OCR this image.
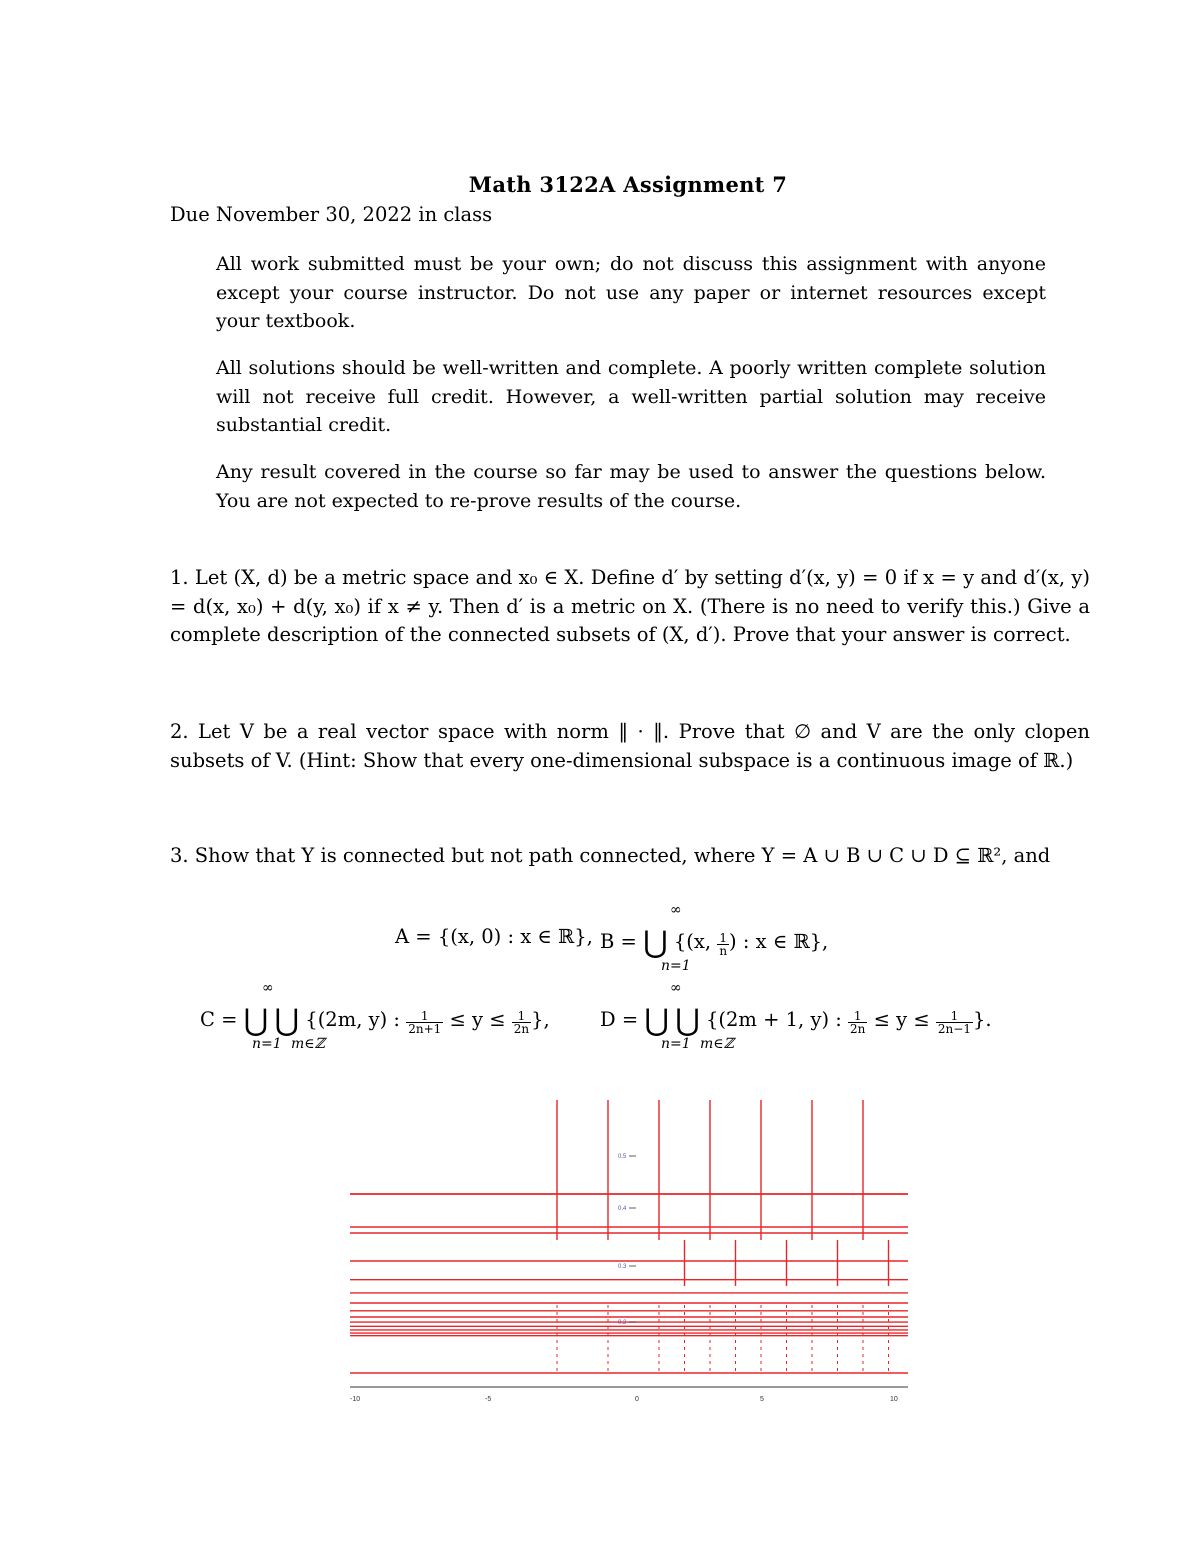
Math 3122A Assignment 7
Due November 30, 2022 in class
All work submitted must be your own; do not discuss this assignment with anyone except your course instructor. Do not use any paper or internet resources except your textbook.
All solutions should be well-written and complete. A poorly written complete solution will not receive full credit. However, a well-written partial solution may receive substantial credit.
Any result covered in the course so far may be used to answer the questions below. You are not expected to re-prove results of the course.
1. Let (X, d) be a metric space and x₀ ∈ X. Define d′ by setting d′(x, y) = 0 if x = y and d′(x, y) = d(x, x₀) + d(y, x₀) if x ≠ y. Then d′ is a metric on X. (There is no need to verify this.) Give a complete description of the connected subsets of (X, d′). Prove that your answer is correct.
2. Let V be a real vector space with norm ‖ · ‖. Prove that ∅ and V are the only clopen subsets of V. (Hint: Show that every one-dimensional subspace is a continuous image of ℝ.)
3. Show that Y is connected but not path connected, where Y = A ∪ B ∪ C ∪ D ⊆ ℝ², and
A = {(x, 0) : x ∈ ℝ}, B = ⋃ {(x, $\frac{1}{n}$ ) : x ∈ ℝ},
∞
n=1
C = ⋃ ⋃ {(2m, y) : $\frac{1}{2n+1} \le y \le \frac{1}{2n}$ },
∞
n=1 m∈ℤ
D = ⋃ ⋃ {(2m + 1, y) : $\frac{1}{2n} \le y \le \frac{1}{2n-1}$ }.
∞
n=1 m∈ℤ
-10	-5	0	5	10
0.5
0.4
0.3
0.2
